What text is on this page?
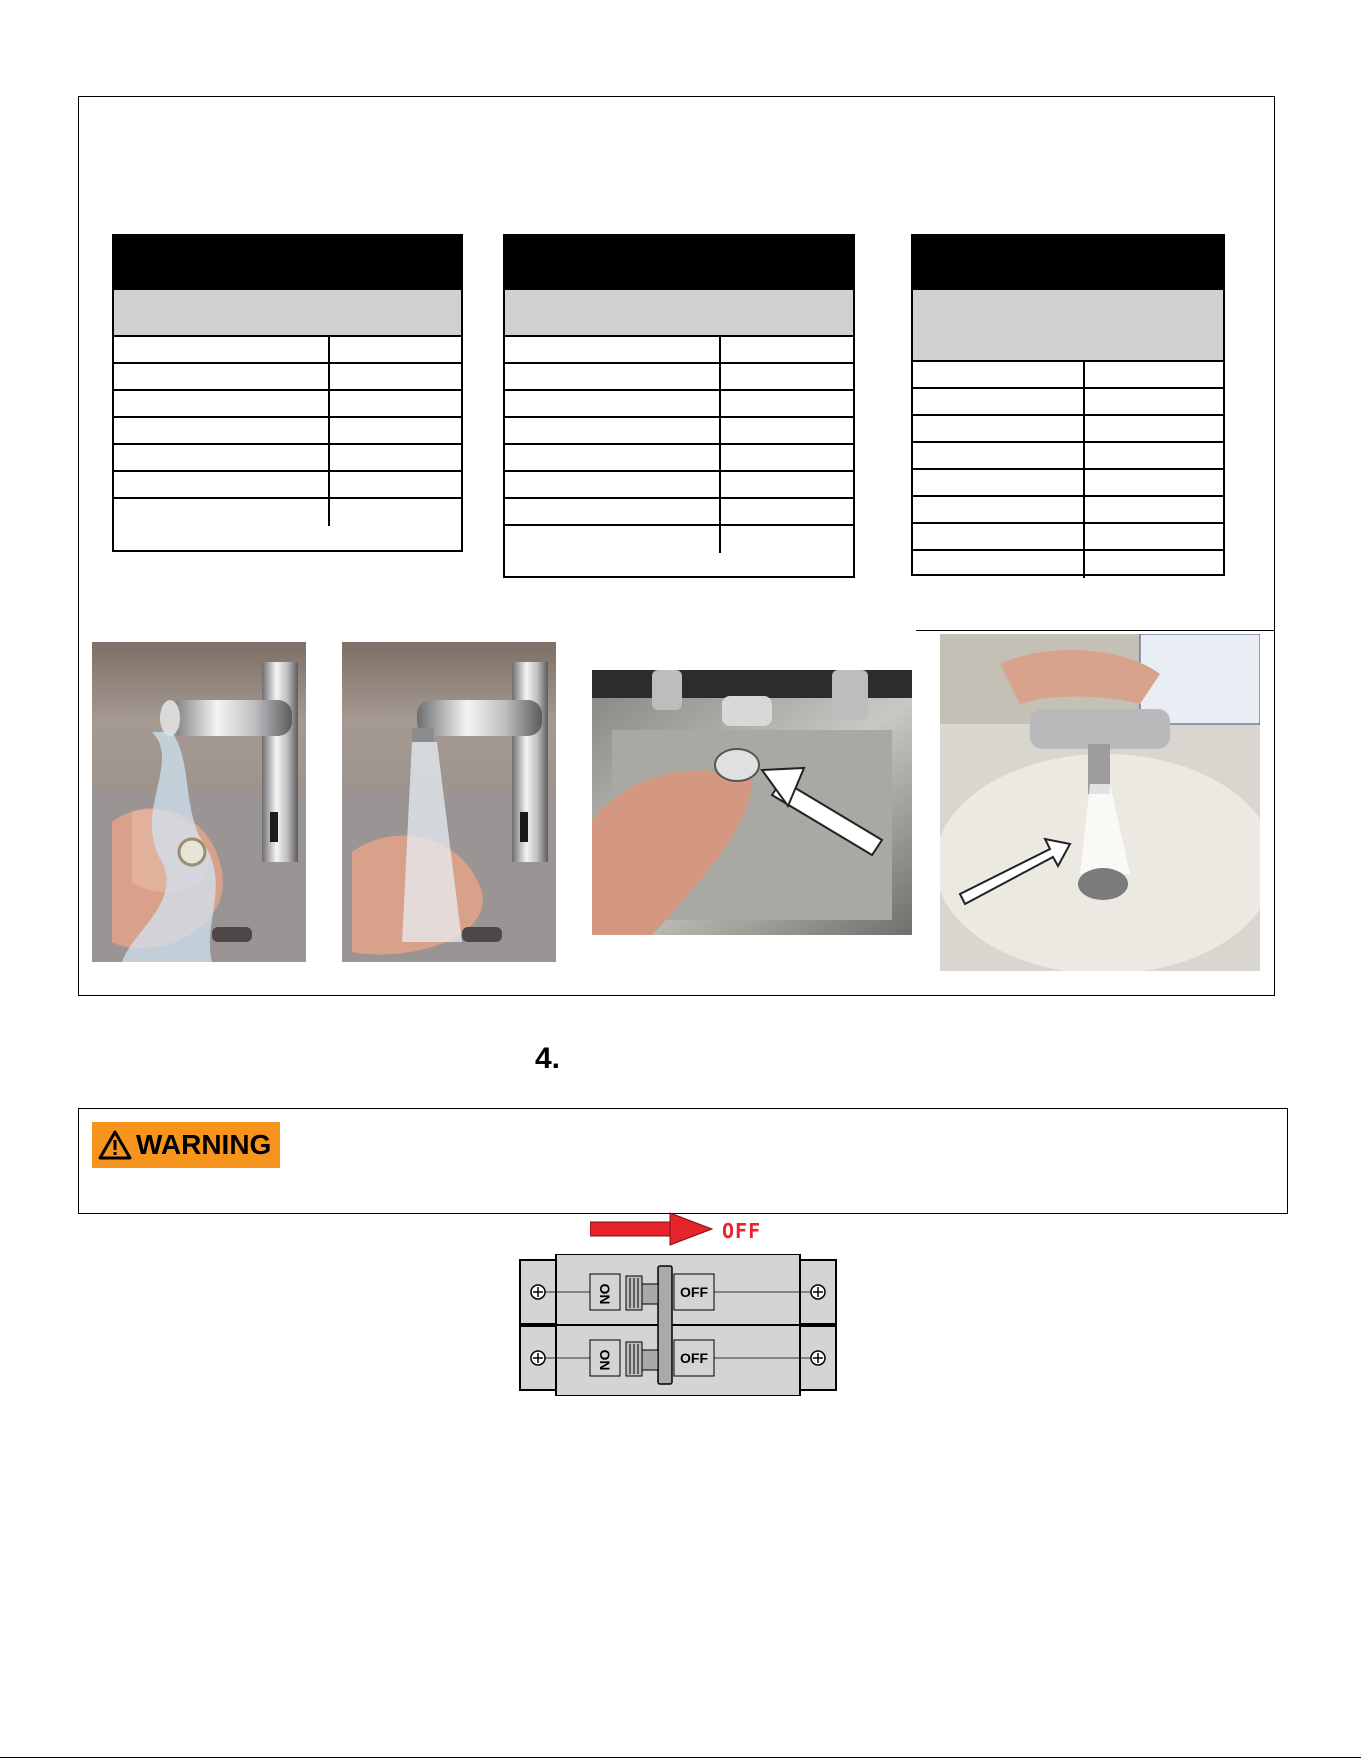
4.
WARNING
OFF
ON
ON
OFF
OFF
